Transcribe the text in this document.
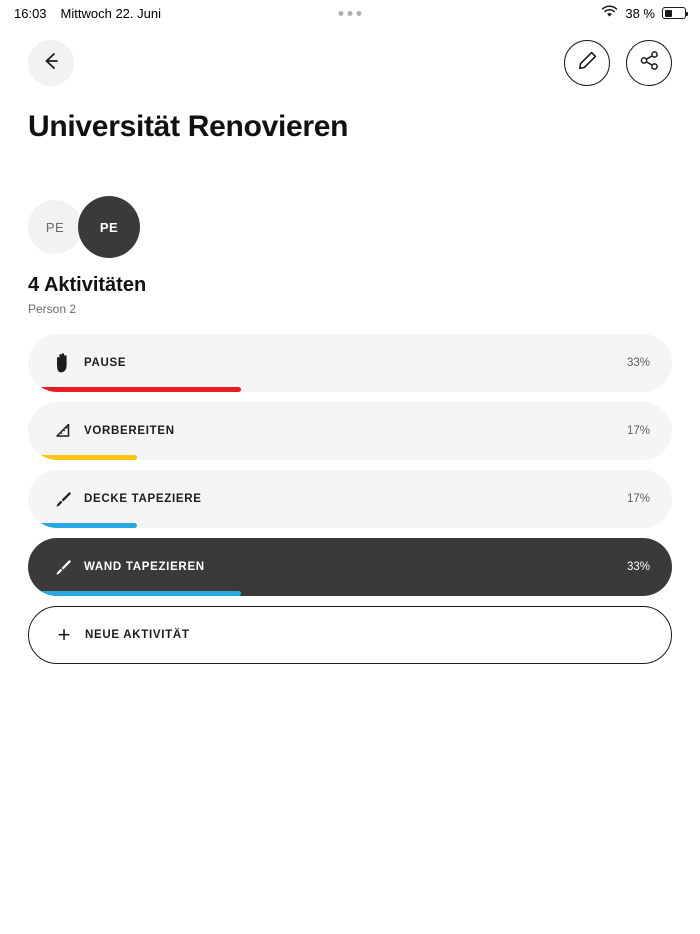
16:03 Mittwoch 22. Juni	38 %
Universität Renovieren
PE	PE
4 Aktivitäten
Person 2
PAUSE	33%
VORBEREITEN	17%
DECKE TAPEZIERE	17%
WAND TAPEZIEREN	33%
+	NEUE AKTIVITÄT
